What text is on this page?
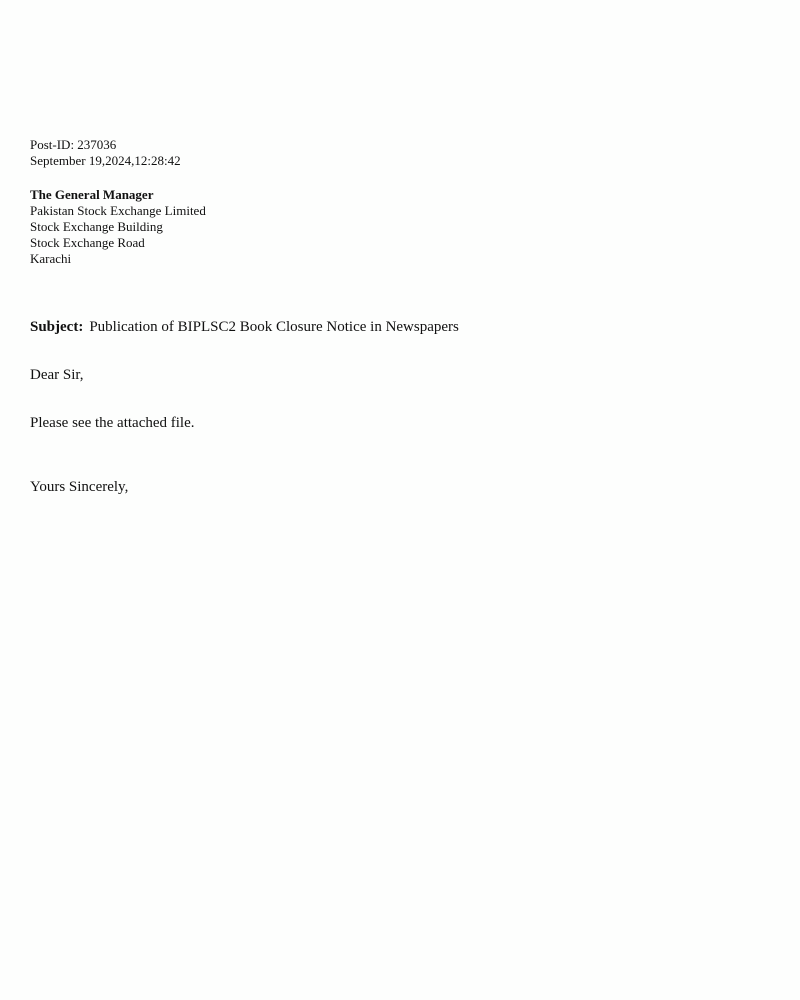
Post-ID: 237036
September 19,2024,12:28:42
The General Manager
Pakistan Stock Exchange Limited
Stock Exchange Building
Stock Exchange Road
Karachi
Subject: Publication of BIPLSC2 Book Closure Notice in Newspapers
Dear Sir,
Please see the attached file.
Yours Sincerely,
